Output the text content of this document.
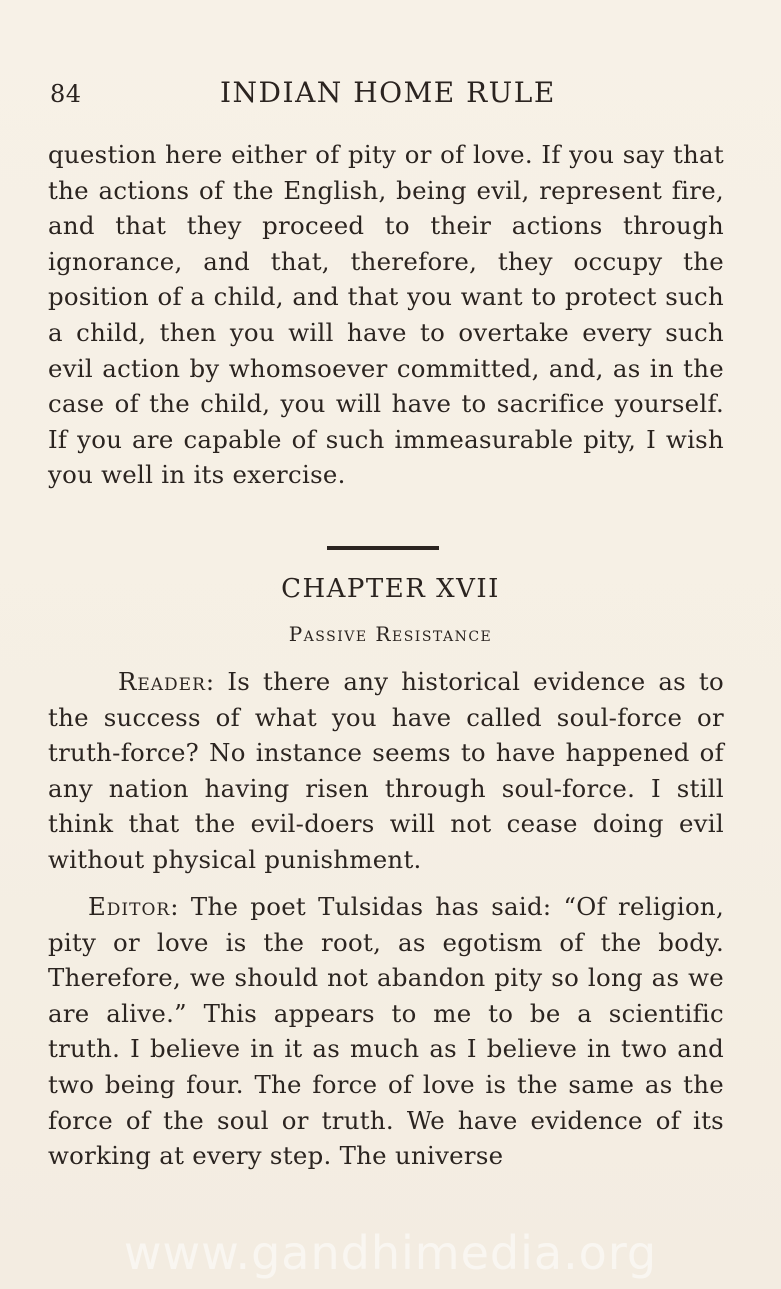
84	INDIAN HOME RULE

question here either of pity or of love. If you say that the actions of the English, being evil, represent fire, and that they proceed to their actions through ignorance, and that, therefore, they occupy the position of a child, and that you want to protect such a child, then you will have to overtake every such evil action by whomsoever committed, and, as in the case of the child, you will have to sacrifice yourself. If you are capable of such immeasurable pity, I wish you well in its exercise.

CHAPTER XVII
Passive Resistance

Reader: Is there any historical evidence as to the success of what you have called soul-force or truth-force? No instance seems to have happened of any nation having risen through soul-force. I still think that the evil-doers will not cease doing evil without physical punishment.

Editor: The poet Tulsidas has said: “Of religion, pity or love is the root, as egotism of the body. Therefore, we should not abandon pity so long as we are alive.” This appears to me to be a scientific truth. I believe in it as much as I believe in two and two being four. The force of love is the same as the force of the soul or truth. We have evidence of its working at every step. The universe

www.gandhimedia.org
